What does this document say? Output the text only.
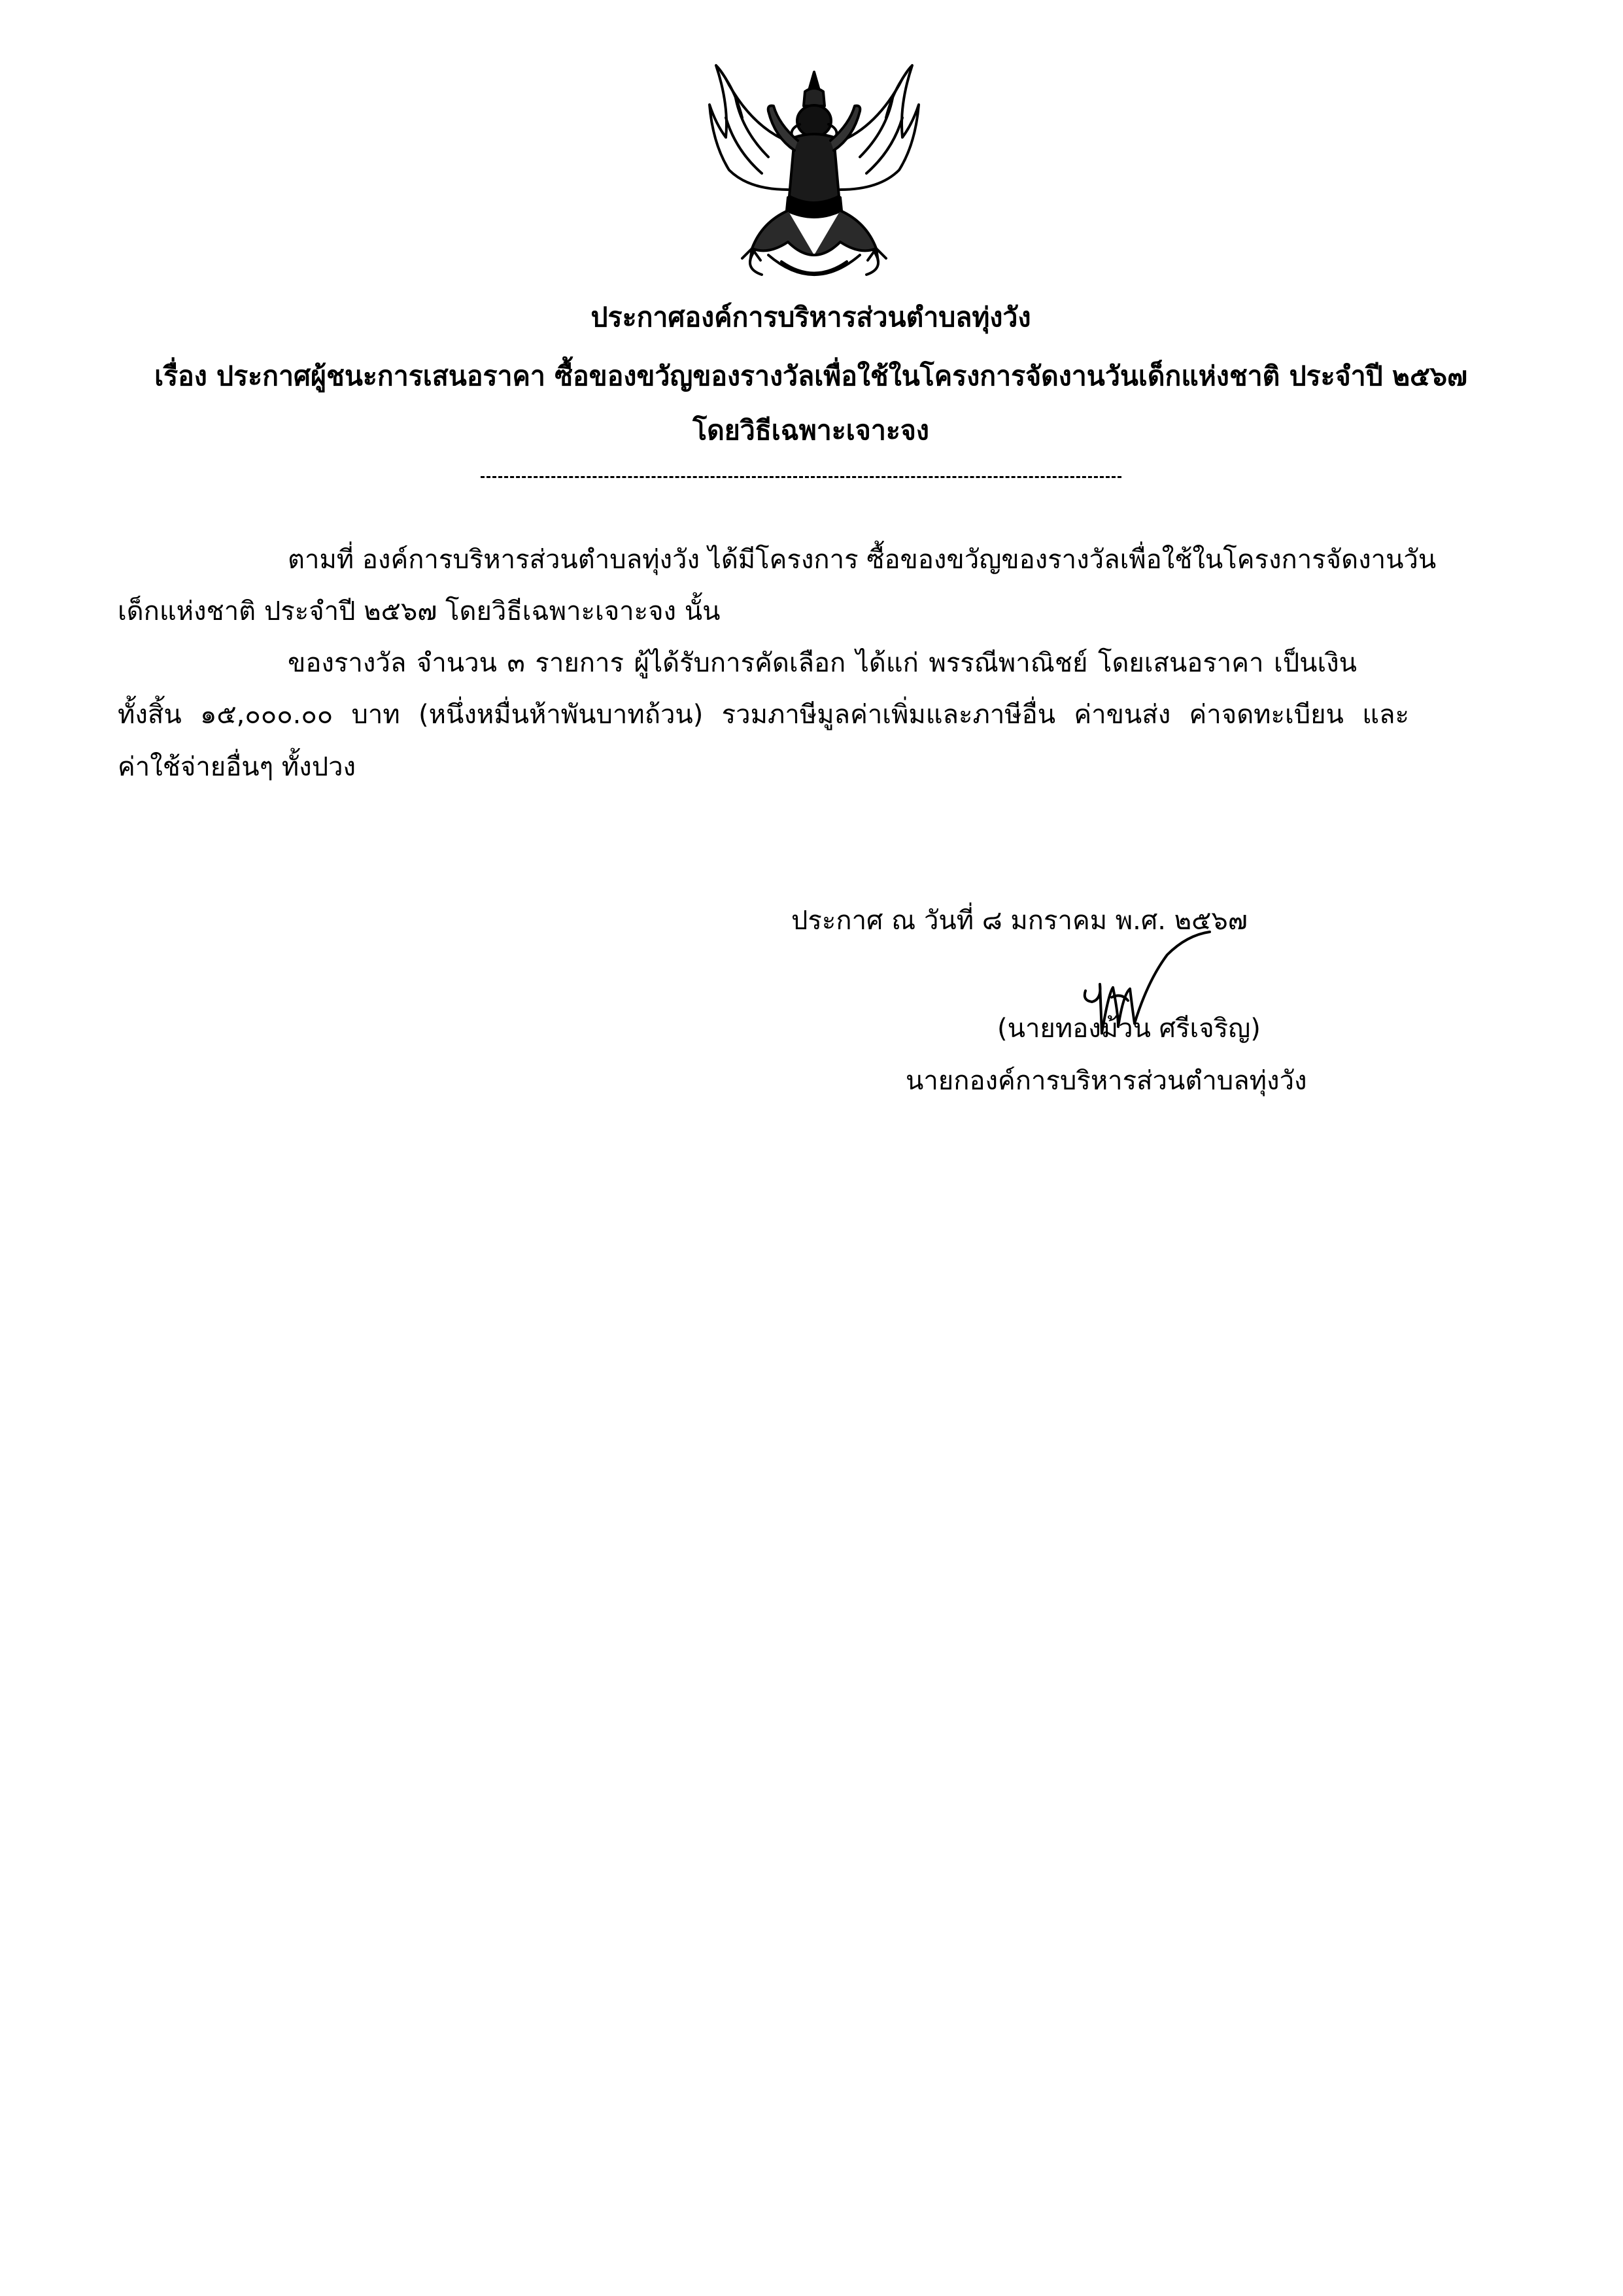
ประกาศองค์การบริหารส่วนตำบลทุ่งวัง
เรื่อง ประกาศผู้ชนะการเสนอราคา ซื้อของขวัญของรางวัลเพื่อใช้ในโครงการจัดงานวันเด็กแห่งชาติ ประจำปี ๒๕๖๗
โดยวิธีเฉพาะเจาะจง
ตามที่ องค์การบริหารส่วนตำบลทุ่งวัง ได้มีโครงการ ซื้อของขวัญของรางวัลเพื่อใช้ในโครงการจัดงานวัน
เด็กแห่งชาติ ประจำปี ๒๕๖๗ โดยวิธีเฉพาะเจาะจง นั้น
ของรางวัล จำนวน ๓ รายการ ผู้ได้รับการคัดเลือก ได้แก่ พรรณีพาณิชย์ โดยเสนอราคา เป็นเงิน
ทั้งสิ้น ๑๕,๐๐๐.๐๐ บาท (หนึ่งหมื่นห้าพันบาทถ้วน) รวมภาษีมูลค่าเพิ่มและภาษีอื่น ค่าขนส่ง ค่าจดทะเบียน และ
ค่าใช้จ่ายอื่นๆ ทั้งปวง
ประกาศ ณ วันที่ ๘ มกราคม พ.ศ. ๒๕๖๗
(นายทองม้วน ศรีเจริญ)
นายกองค์การบริหารส่วนตำบลทุ่งวัง
